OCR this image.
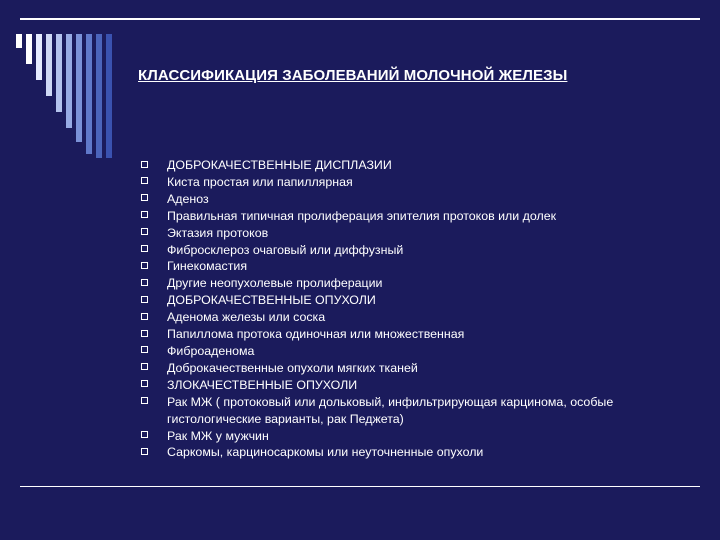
КЛАССИФИКАЦИЯ ЗАБОЛЕВАНИЙ МОЛОЧНОЙ ЖЕЛЕЗЫ
ДОБРОКАЧЕСТВЕННЫЕ ДИСПЛАЗИИ
Киста простая или папиллярная
Аденоз
Правильная типичная пролиферация эпителия протоков или долек
Эктазия протоков
Фибросклероз очаговый или диффузный
Гинекомастия
Другие неопухолевые пролиферации
ДОБРОКАЧЕСТВЕННЫЕ ОПУХОЛИ
Аденома железы или соска
Папиллома протока одиночная или множественная
Фиброаденома
Доброкачественные опухоли мягких тканей
ЗЛОКАЧЕСТВЕННЫЕ ОПУХОЛИ
Рак МЖ ( протоковый или дольковый, инфильтрирующая карцинома, особые гистологические варианты, рак Педжета)
Рак МЖ у мужчин
Саркомы, карциносаркомы или неуточненные опухоли
